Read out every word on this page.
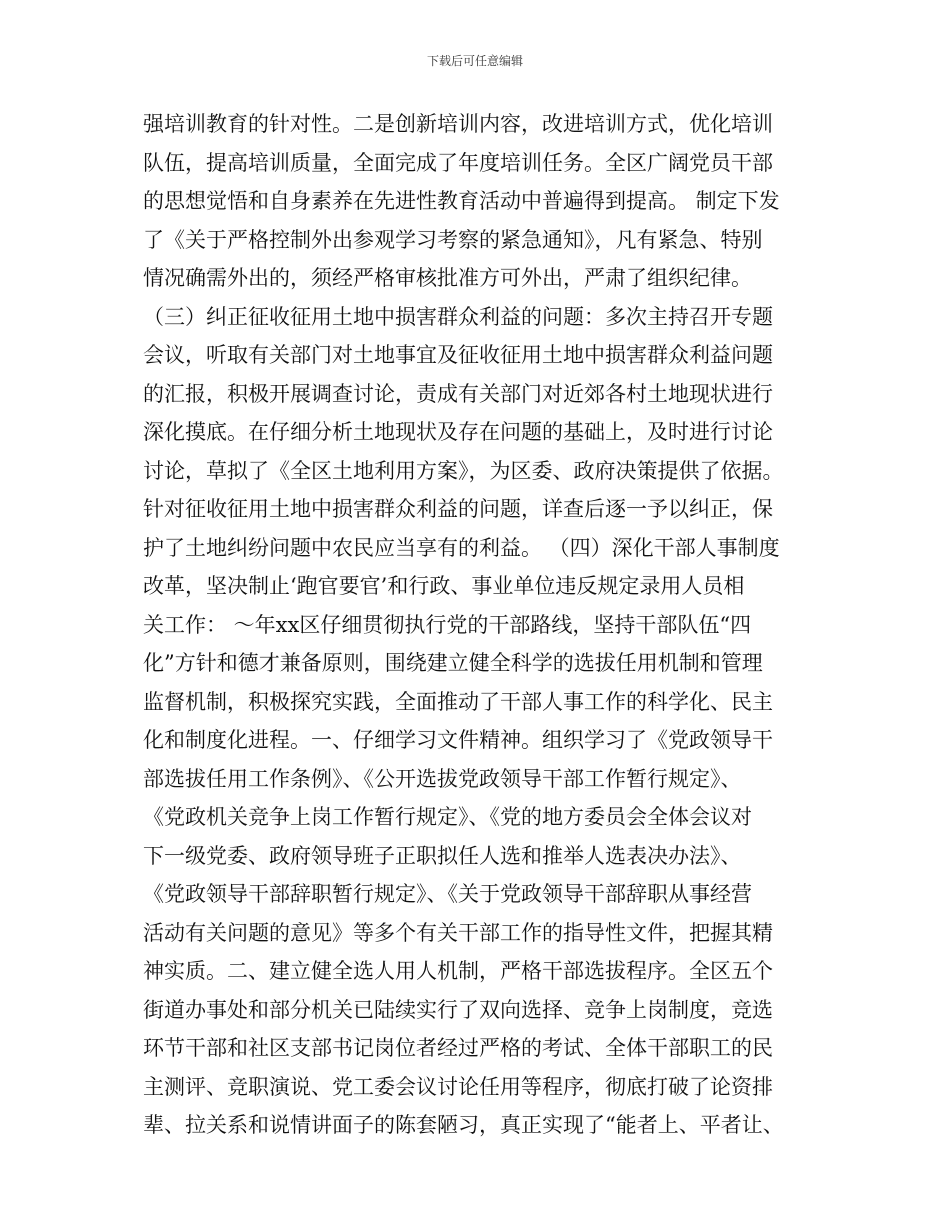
下载后可任意编辑
强培训教育的针对性。二是创新培训内容，改进培训方式，优化培训
队伍，提高培训质量，全面完成了年度培训任务。全区广阔党员干部
的思想觉悟和自身素养在先进性教育活动中普遍得到提高。 制定下发
了《关于严格控制外出参观学习考察的紧急通知》，凡有紧急、特别
情况确需外出的，须经严格审核批准方可外出，严肃了组织纪律。
（三）纠正征收征用土地中损害群众利益的问题：多次主持召开专题
会议，听取有关部门对土地事宜及征收征用土地中损害群众利益问题
的汇报，积极开展调查讨论，责成有关部门对近郊各村土地现状进行
深化摸底。在仔细分析土地现状及存在问题的基础上，及时进行讨论
讨论，草拟了《全区土地利用方案》，为区委、政府决策提供了依据。
针对征收征用土地中损害群众利益的问题，详查后逐一予以纠正，保
护了土地纠纷问题中农民应当享有的利益。 （四）深化干部人事制度
改革，坚决制止‘跑官要官’和行政、事业单位违反规定录用人员相
关工作： ～年xx区仔细贯彻执行党的干部路线，坚持干部队伍“四
化”方针和德才兼备原则，围绕建立健全科学的选拔任用机制和管理
监督机制，积极探究实践，全面推动了干部人事工作的科学化、民主
化和制度化进程。一、仔细学习文件精神。组织学习了《党政领导干
部选拔任用工作条例》、《公开选拔党政领导干部工作暂行规定》、
《党政机关竞争上岗工作暂行规定》、《党的地方委员会全体会议对
下一级党委、政府领导班子正职拟任人选和推举人选表决办法》、
《党政领导干部辞职暂行规定》、《关于党政领导干部辞职从事经营
活动有关问题的意见》等多个有关干部工作的指导性文件，把握其精
神实质。二、建立健全选人用人机制，严格干部选拔程序。全区五个
街道办事处和部分机关已陆续实行了双向选择、竞争上岗制度，竞选
环节干部和社区支部书记岗位者经过严格的考试、全体干部职工的民
主测评、竞职演说、党工委会议讨论任用等程序，彻底打破了论资排
辈、拉关系和说情讲面子的陈套陋习，真正实现了“能者上、平者让、
